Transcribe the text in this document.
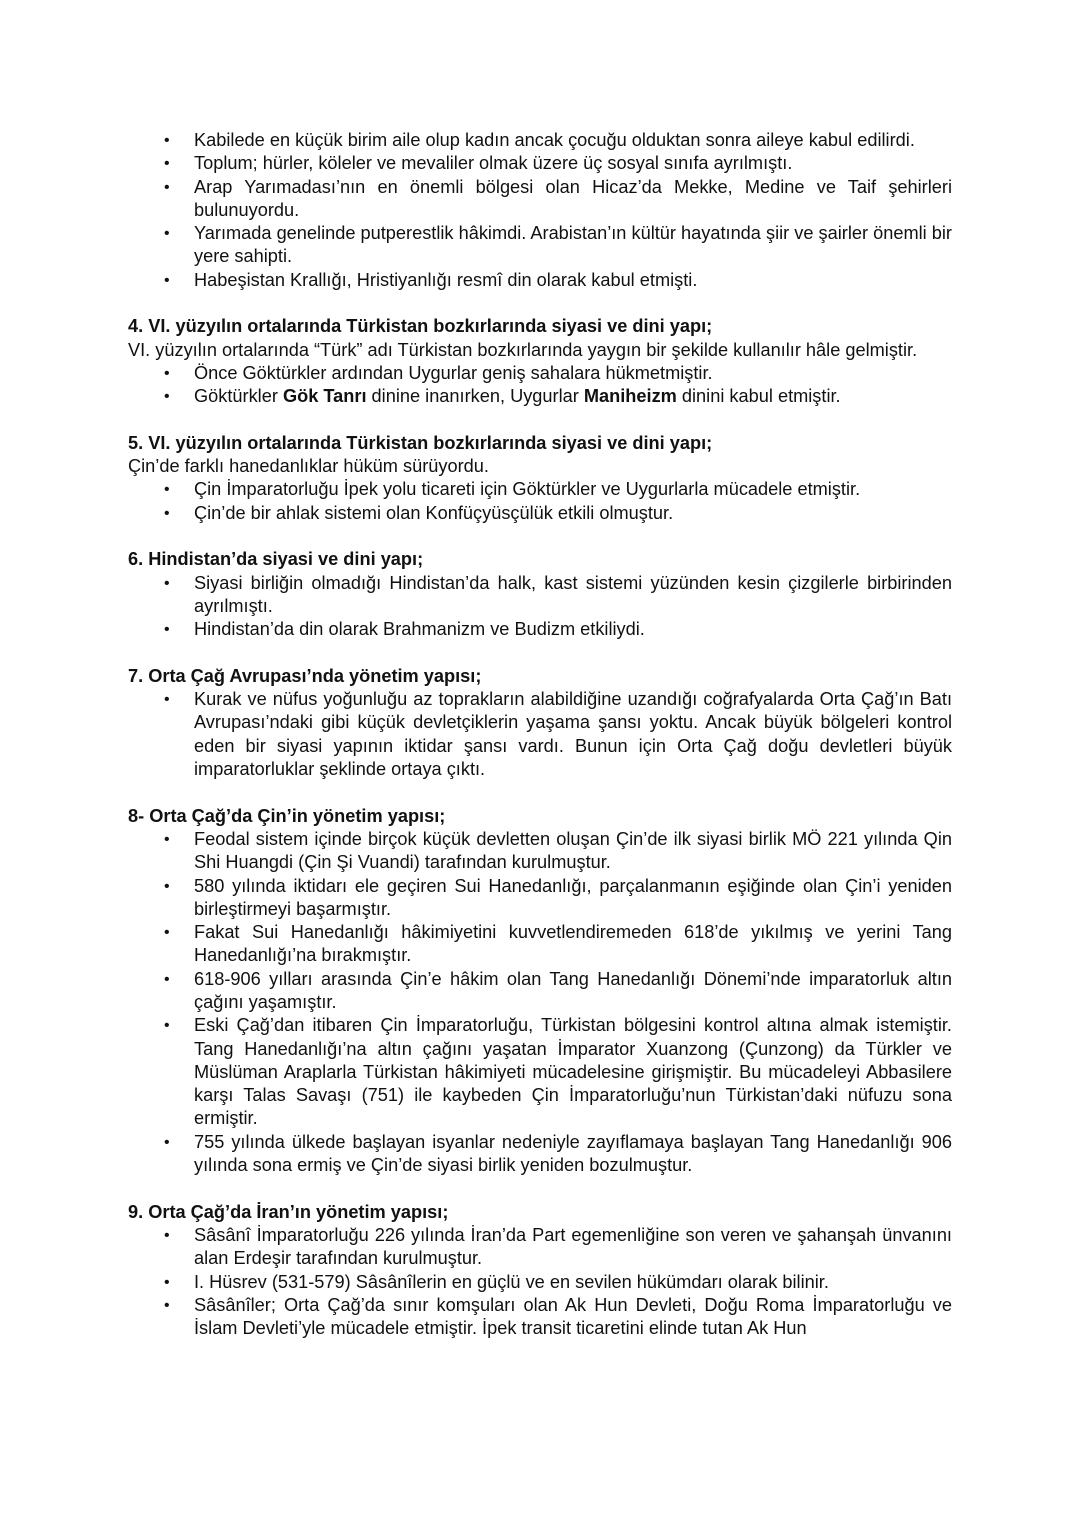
• Kabilede en küçük birim aile olup kadın ancak çocuğu olduktan sonra aileye kabul edilirdi.
• Toplum; hürler, köleler ve mevaliler olmak üzere üç sosyal sınıfa ayrılmıştı.
• Arap Yarımadası’nın en önemli bölgesi olan Hicaz’da Mekke, Medine ve Taif şehirleri bulunuyordu.
• Yarımada genelinde putperestlik hâkimdi. Arabistan’ın kültür hayatında şiir ve şairler önemli bir yere sahipti.
• Habeşistan Krallığı, Hristiyanlığı resmî din olarak kabul etmişti.

4. VI. yüzyılın ortalarında Türkistan bozkırlarında siyasi ve dini yapı;

VI. yüzyılın ortalarında “Türk” adı Türkistan bozkırlarında yaygın bir şekilde kullanılır hâle gelmiştir.

• Önce Göktürkler ardından Uygurlar geniş sahalara hükmetmiştir.
• Göktürkler Gök Tanrı dinine inanırken, Uygurlar Manihеizm dinini kabul etmiştir.

5. VI. yüzyılın ortalarında Türkistan bozkırlarında siyasi ve dini yapı;

Çin’de farklı hanedanlıklar hüküm sürüyordu.

• Çin İmparatorluğu İpek yolu ticareti için Göktürkler ve Uygurlarla mücadele etmiştir.
• Çin’de bir ahlak sistemi olan Konfüçyüsçülük etkili olmuştur.

6. Hindistan’da siyasi ve dini yapı;

• Siyasi birliğin olmadığı Hindistan’da halk, kast sistemi yüzünden kesin çizgilerle birbirinden ayrılmıştı.
• Hindistan’da din olarak Brahmanizm ve Budizm etkiliydi.

7. Orta Çağ Avrupası’nda yönetim yapısı;

• Kurak ve nüfus yoğunluğu az toprakların alabildiğine uzandığı coğrafyalarda Orta Çağ’ın Batı Avrupası’ndaki gibi küçük devletçiklerin yaşama şansı yoktu. Ancak büyük bölgeleri kontrol eden bir siyasi yapının iktidar şansı vardı. Bunun için Orta Çağ doğu devletleri büyük imparatorluklar şeklinde ortaya çıktı.

8- Orta Çağ’da Çin’in yönetim yapısı;

• Feodal sistem içinde birçok küçük devletten oluşan Çin’de ilk siyasi birlik MÖ 221 yılında Qin Shi Huangdi (Çin Şi Vuandi) tarafından kurulmuştur.
• 580 yılında iktidarı ele geçiren Sui Hanedanlığı, parçalanmanın eşiğinde olan Çin’i yeniden birleştirmeyi başarmıştır.
• Fakat Sui Hanedanlığı hâkimiyetini kuvvetlendiremeden 618’de yıkılmış ve yerini Tang Hanedanlığı’na bırakmıştır.
• 618-906 yılları arasında Çin’e hâkim olan Tang Hanedanlığı Dönemi’nde imparatorluk altın çağını yaşamıştır.
• Eski Çağ’dan itibaren Çin İmparatorluğu, Türkistan bölgesini kontrol altına almak istemiştir. Tang Hanedanlığı’na altın çağını yaşatan İmparator Xuanzong (Çunzong) da Türkler ve Müslüman Araplarla Türkistan hâkimiyeti mücadelesine girişmiştir. Bu mücadeleyi Abbasilere karşı Talas Savaşı (751) ile kaybeden Çin İmparatorluğu’nun Türkistan’daki nüfuzu sona ermiştir.
• 755 yılında ülkede başlayan isyanlar nedeniyle zayıflamaya başlayan Tang Hanedanlığı 906 yılında sona ermiş ve Çin’de siyasi birlik yeniden bozulmuştur.

9. Orta Çağ’da İran’ın yönetim yapısı;

• Sâsânî İmparatorluğu 226 yılında İran’da Part egemenliğine son veren ve şahanşah ünvanını alan Erdeşir tarafından kurulmuştur.
• I. Hüsrev (531-579) Sâsânîlerin en güçlü ve en sevilen hükümdarı olarak bilinir.
• Sâsânîler; Orta Çağ’da sınır komşuları olan Ak Hun Devleti, Doğu Roma İmparatorluğu ve İslam Devleti’yle mücadele etmiştir. İpek transit ticaretini elinde tutan Ak Hun
